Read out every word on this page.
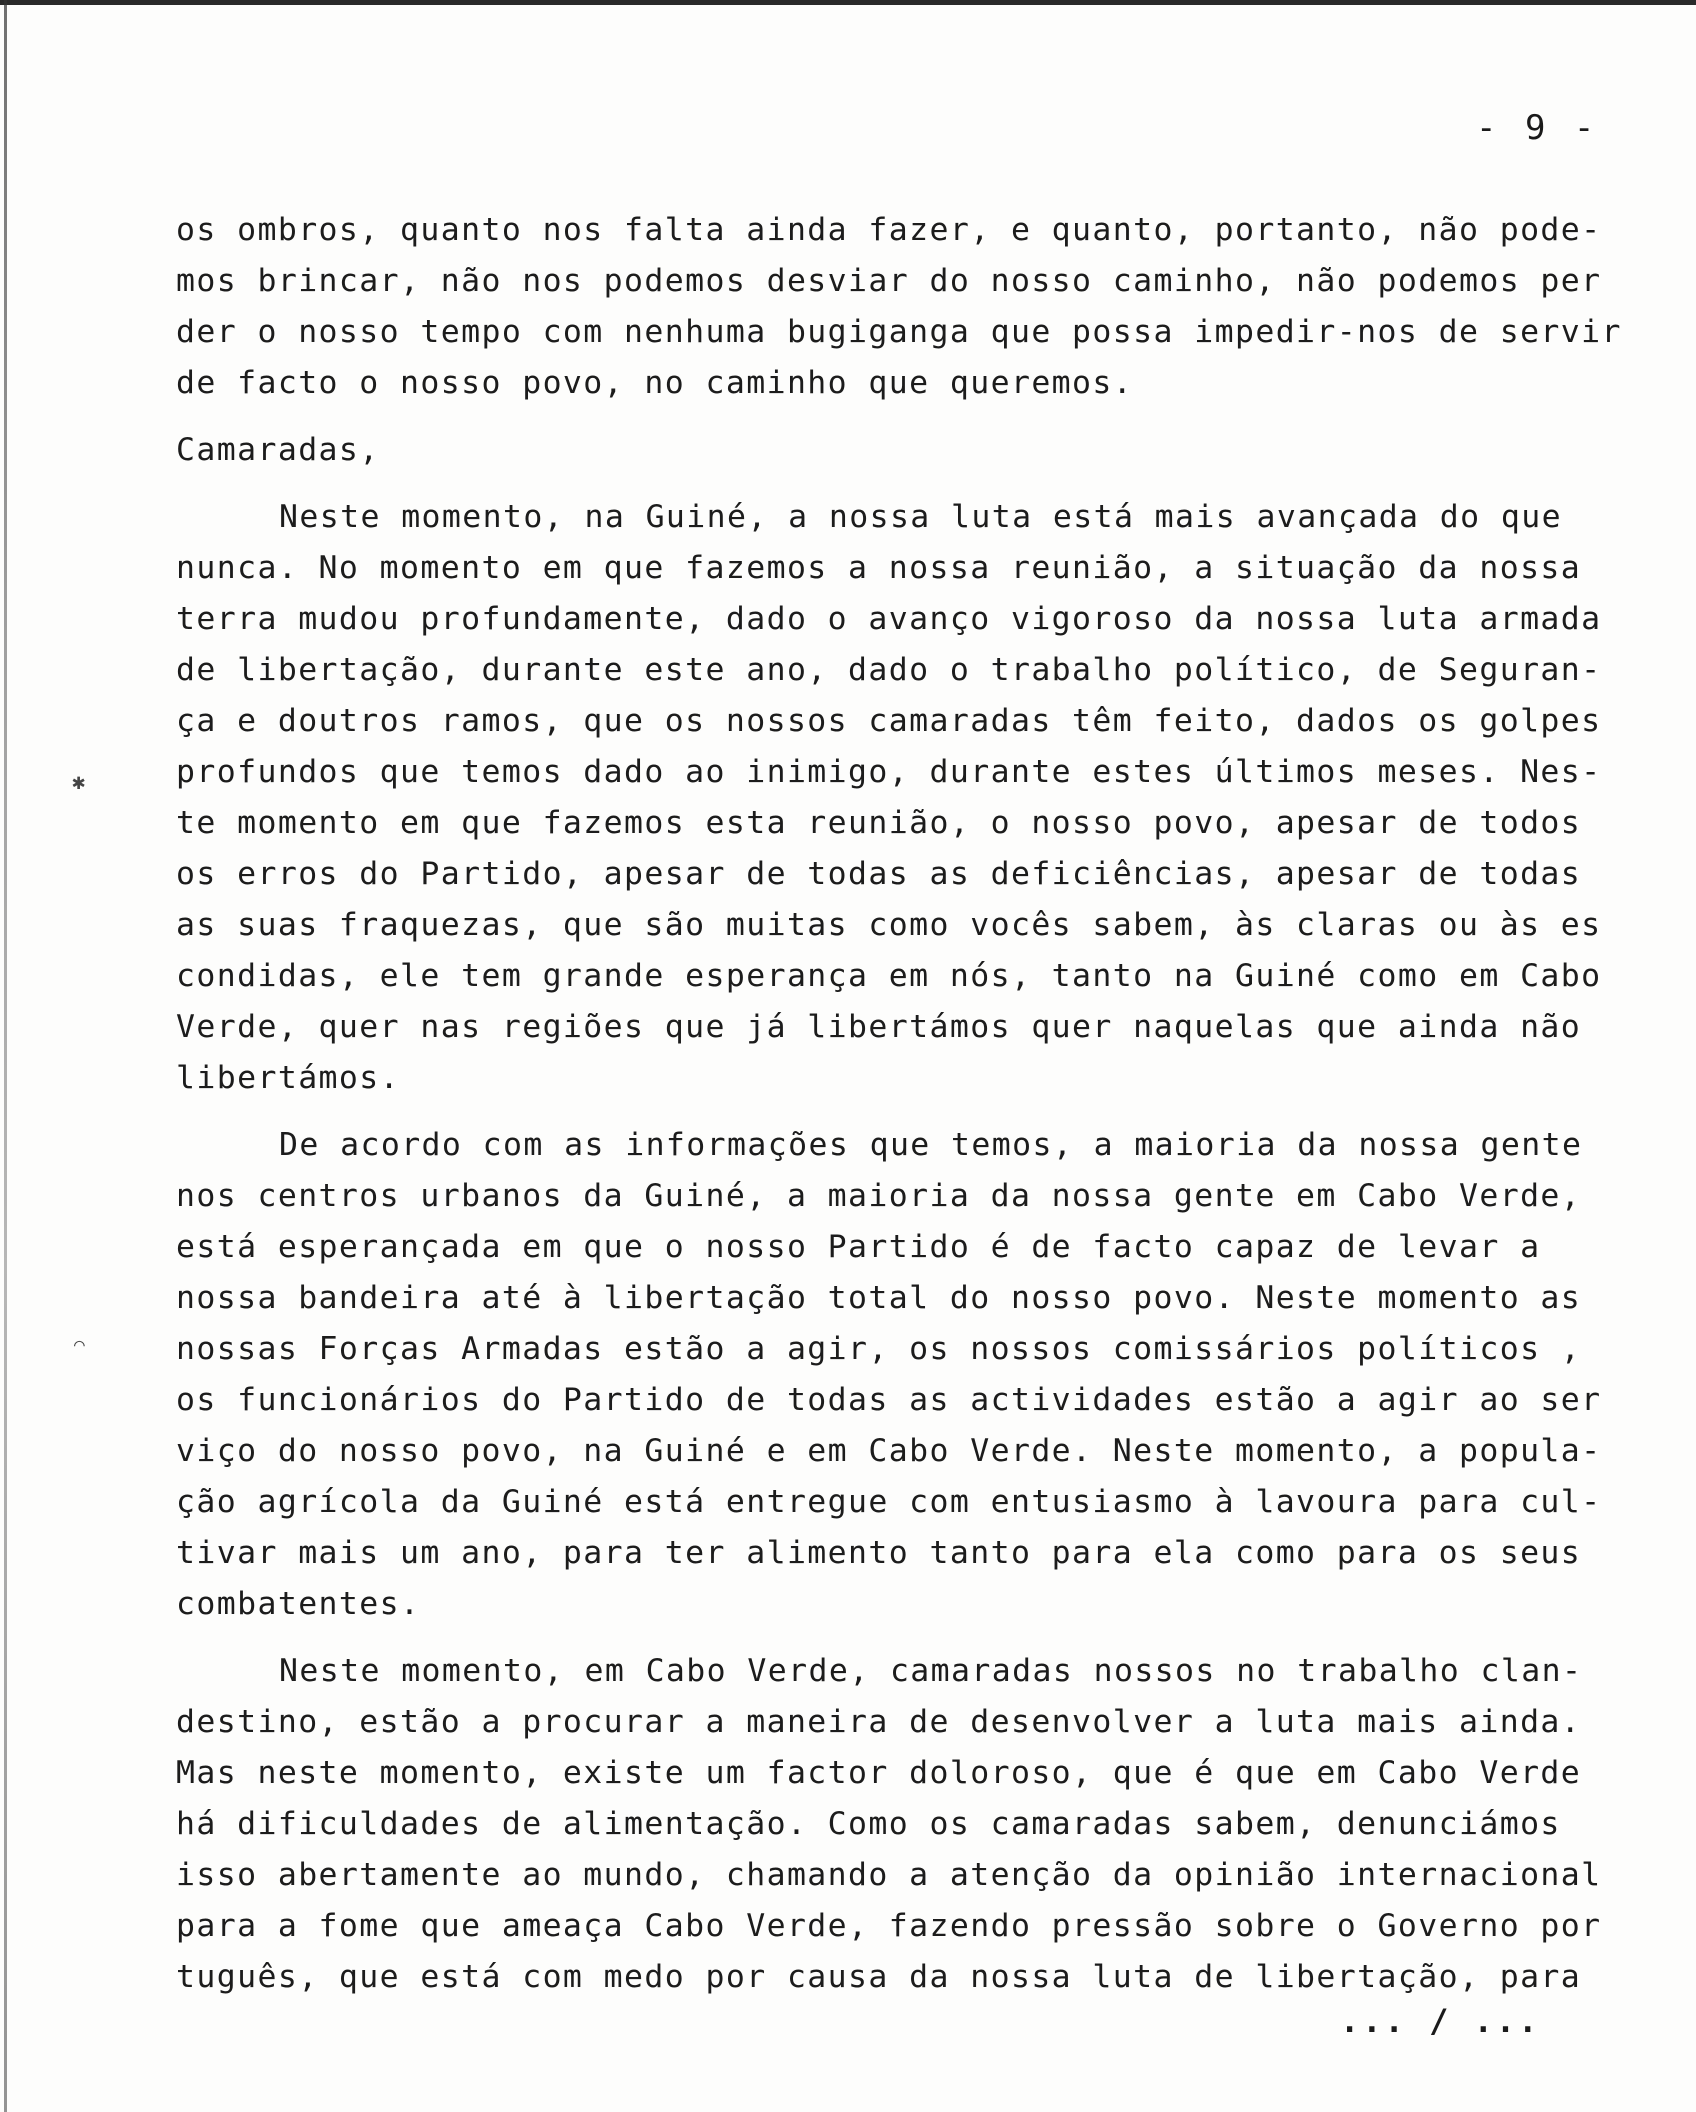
✱
⌒
- 9 -
os ombros, quanto nos falta ainda fazer, e quanto, portanto, não pode-
mos brincar, não nos podemos desviar do nosso caminho, não podemos per
der o nosso tempo com nenhuma bugiganga que possa impedir-nos de servir
de facto o nosso povo, no caminho que queremos.
Camaradas,
Neste momento, na Guiné, a nossa luta está mais avançada do que
nunca. No momento em que fazemos a nossa reunião, a situação da nossa
terra mudou profundamente, dado o avanço vigoroso da nossa luta armada
de libertação, durante este ano, dado o trabalho político, de Seguran-
ça e doutros ramos, que os nossos camaradas têm feito, dados os golpes
profundos que temos dado ao inimigo, durante estes últimos meses. Nes-
te momento em que fazemos esta reunião, o nosso povo, apesar de todos
os erros do Partido, apesar de todas as deficiências, apesar de todas
as suas fraquezas, que são muitas como vocês sabem, às claras ou às es
condidas, ele tem grande esperança em nós, tanto na Guiné como em Cabo
Verde, quer nas regiões que já libertámos quer naquelas que ainda não
libertámos.
De acordo com as informações que temos, a maioria da nossa gente
nos centros urbanos da Guiné, a maioria da nossa gente em Cabo Verde,
está esperançada em que o nosso Partido é de facto capaz de levar a
nossa bandeira até à libertação total do nosso povo. Neste momento as
nossas Forças Armadas estão a agir, os nossos comissários políticos ,
os funcionários do Partido de todas as actividades estão a agir ao ser
viço do nosso povo, na Guiné e em Cabo Verde. Neste momento, a popula-
ção agrícola da Guiné está entregue com entusiasmo à lavoura para cul-
tivar mais um ano, para ter alimento tanto para ela como para os seus
combatentes.
Neste momento, em Cabo Verde, camaradas nossos no trabalho clan-
destino, estão a procurar a maneira de desenvolver a luta mais ainda.
Mas neste momento, existe um factor doloroso, que é que em Cabo Verde
há dificuldades de alimentação. Como os camaradas sabem, denunciámos
isso abertamente ao mundo, chamando a atenção da opinião internacional
para a fome que ameaça Cabo Verde, fazendo pressão sobre o Governo por
tuguês, que está com medo por causa da nossa luta de libertação, para
... / ...
